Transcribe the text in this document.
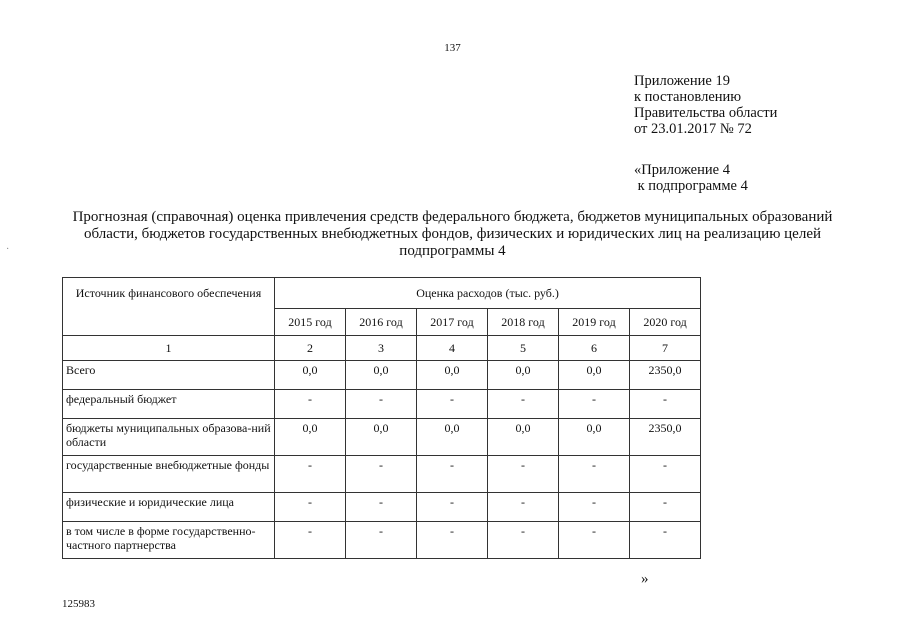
137
Приложение 19
к постановлению
Правительства области
от 23.01.2017 № 72
«Приложение 4
к подпрограмме 4
Прогнозная (справочная) оценка привлечения средств федерального бюджета, бюджетов муниципальных образований
области, бюджетов государственных внебюджетных фондов, физических и юридических лиц на реализацию целей
подпрограммы 4
·
Источник финансового обеспечения	Оценка расходов (тыс. руб.)					
	2015 год	2016 год	2017 год	2018 год	2019 год	2020 год
1	2	3	4	5	6	7
Всего	0,0	0,0	0,0	0,0	0,0	2350,0
федеральный бюджет	-	-	-	-	-	-
бюджеты муниципальных образова-ний области	0,0	0,0	0,0	0,0	0,0	2350,0
государственные внебюджетные фонды	-	-	-	-	-	-
физические и юридические лица	-	-	-	-	-	-
в том числе в форме государственно-частного партнерства	-	-	-	-	-	-
»
125983
